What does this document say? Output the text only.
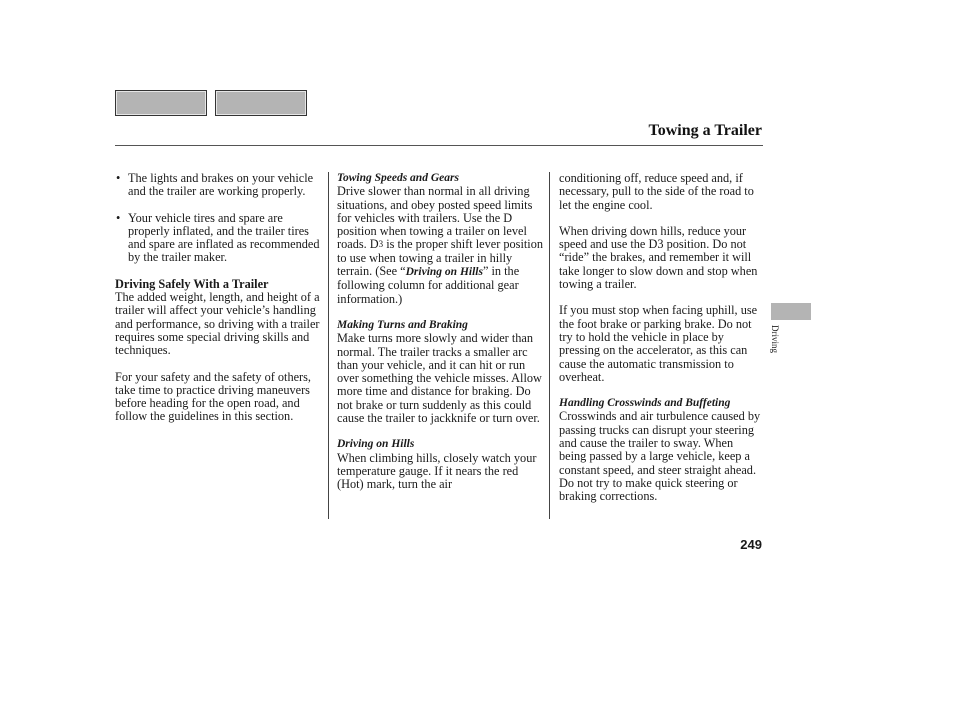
Towing a Trailer
• The lights and brakes on your vehicle and the trailer are working properly.
• Your vehicle tires and spare are properly inflated, and the trailer tires and spare are inflated as recommended by the trailer maker.

Driving Safely With a Trailer

The added weight, length, and height of a trailer will affect your vehicle’s handling and performance, so driving with a trailer requires some special driving skills and techniques.

For your safety and the safety of others, take time to practice driving maneuvers before heading for the open road, and follow the guidelines in this section.

Towing Speeds and Gears

Drive slower than normal in all driving situations, and obey posted speed limits for vehicles with trailers. Use the D position when towing a trailer on level roads. D3 is the proper shift lever position to use when towing a trailer in hilly terrain. (See “Driving on Hills” in the following column for additional gear information.)

Making Turns and Braking

Make turns more slowly and wider than normal. The trailer tracks a smaller arc than your vehicle, and it can hit or run over something the vehicle misses. Allow more time and distance for braking. Do not brake or turn suddenly as this could cause the trailer to jackknife or turn over.

Driving on Hills

When climbing hills, closely watch your temperature gauge. If it nears the red (Hot) mark, turn the air

conditioning off, reduce speed and, if necessary, pull to the side of the road to let the engine cool.

When driving down hills, reduce your speed and use the D3 position. Do not “ride” the brakes, and remember it will take longer to slow down and stop when towing a trailer.

If you must stop when facing uphill, use the foot brake or parking brake. Do not try to hold the vehicle in place by pressing on the accelerator, as this can cause the automatic transmission to overheat.

Handling Crosswinds and Buffeting

Crosswinds and air turbulence caused by passing trucks can disrupt your steering and cause the trailer to sway. When being passed by a large vehicle, keep a constant speed, and steer straight ahead. Do not try to make quick steering or braking corrections.

Driving
249
